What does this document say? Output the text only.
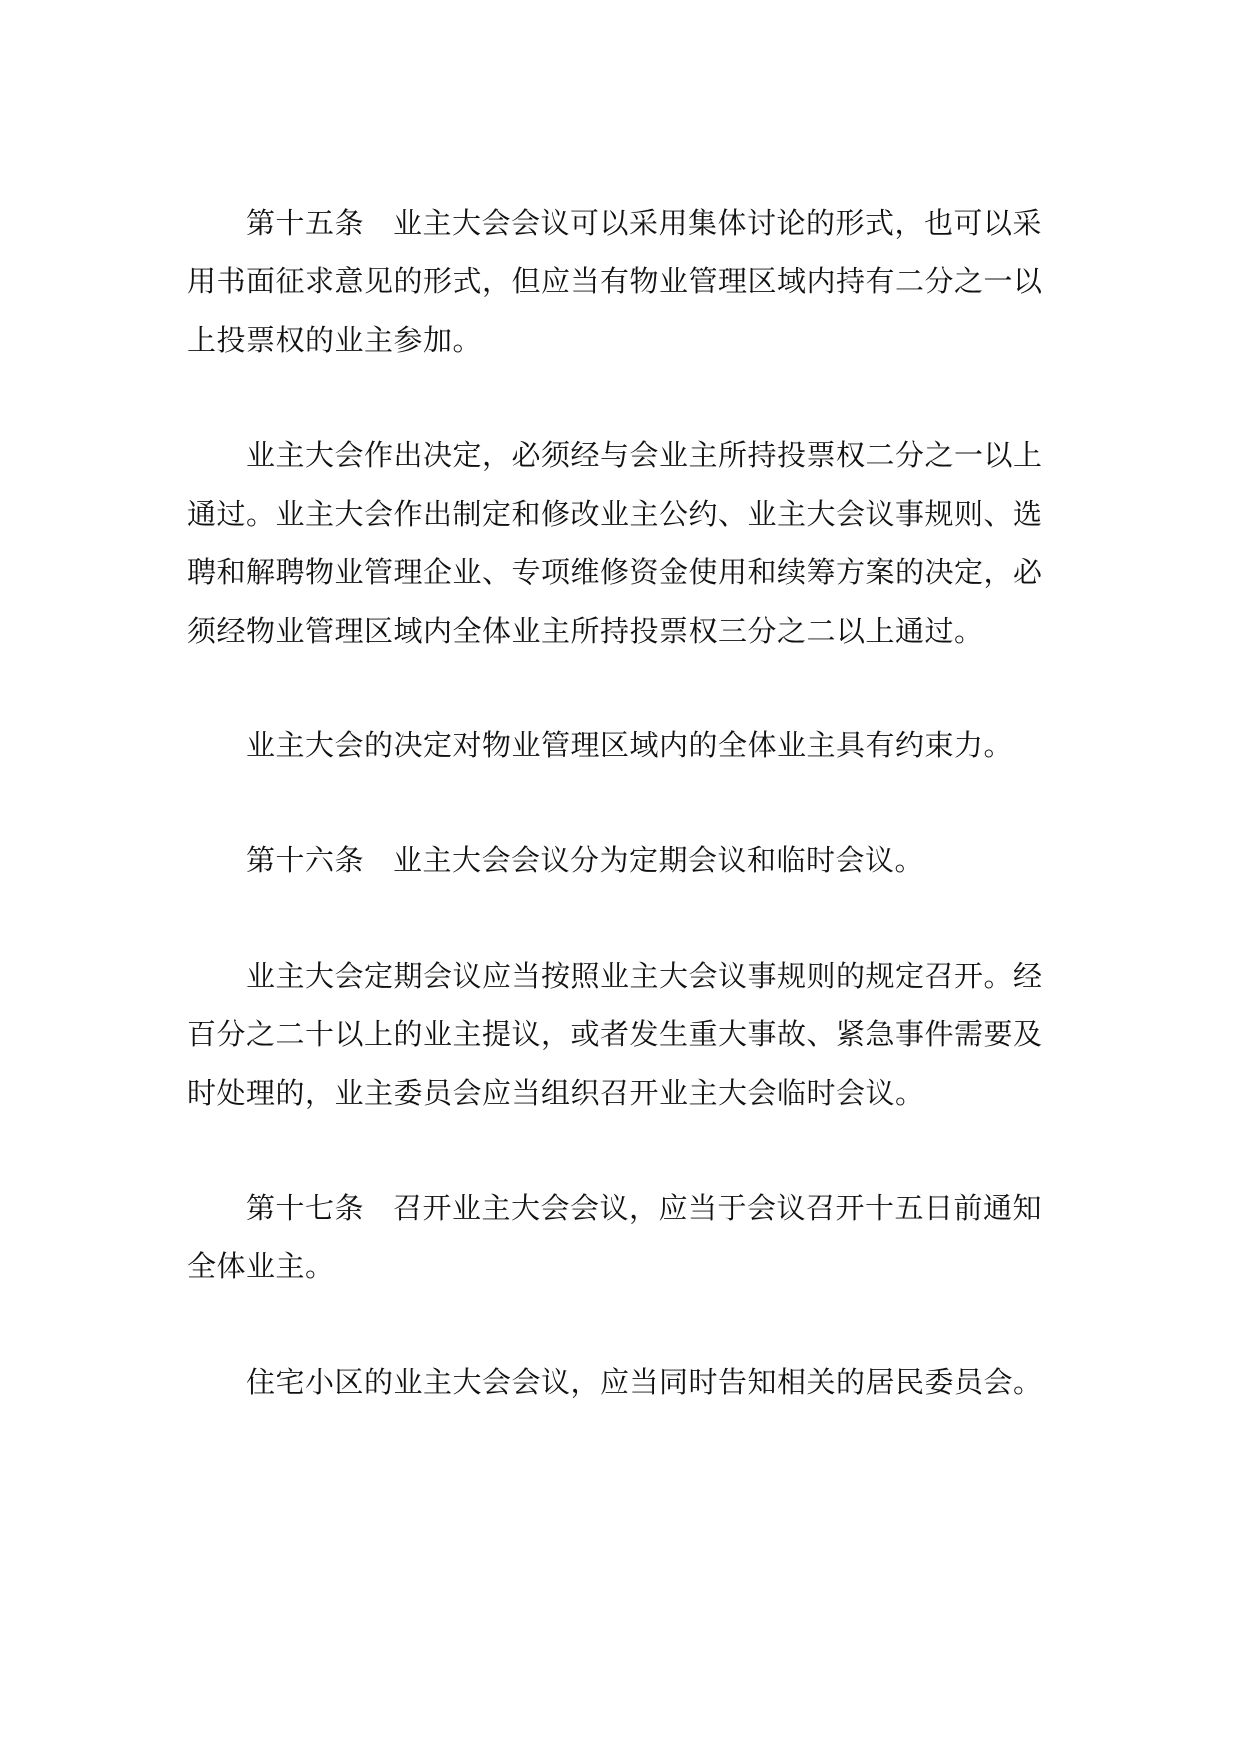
第十五条 业主大会会议可以采用集体讨论的形式，也可以采

用书面征求意见的形式，但应当有物业管理区域内持有二分之一以

上投票权的业主参加。

业主大会作出决定，必须经与会业主所持投票权二分之一以上

通过。业主大会作出制定和修改业主公约、业主大会议事规则、选

聘和解聘物业管理企业、专项维修资金使用和续筹方案的决定，必

须经物业管理区域内全体业主所持投票权三分之二以上通过。

业主大会的决定对物业管理区域内的全体业主具有约束力。

第十六条 业主大会会议分为定期会议和临时会议。

业主大会定期会议应当按照业主大会议事规则的规定召开。经

百分之二十以上的业主提议，或者发生重大事故、紧急事件需要及

时处理的，业主委员会应当组织召开业主大会临时会议。

第十七条 召开业主大会会议，应当于会议召开十五日前通知

全体业主。

住宅小区的业主大会会议，应当同时告知相关的居民委员会。
